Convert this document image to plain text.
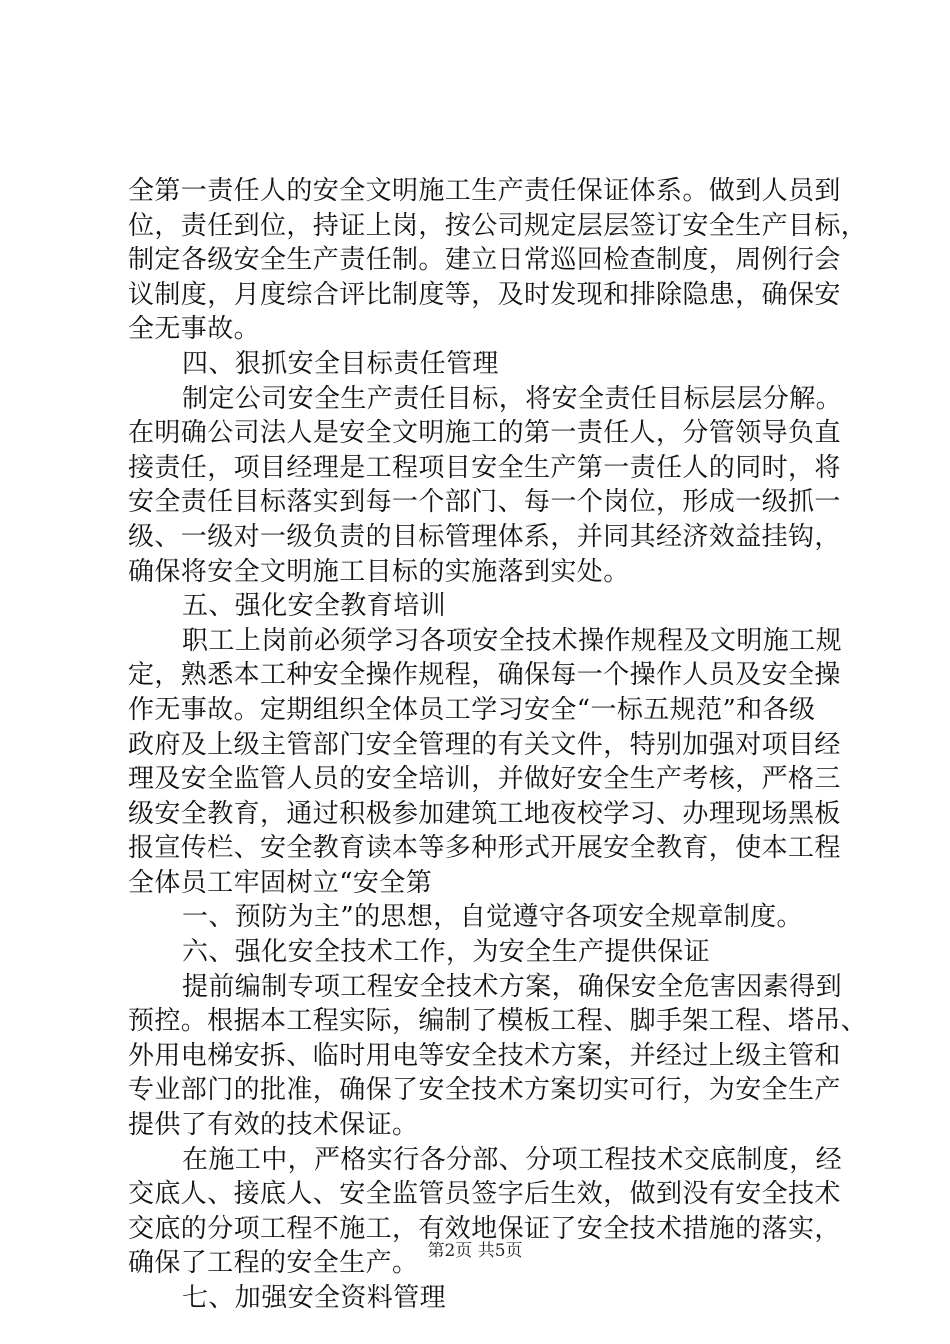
全第一责任人的安全文明施工生产责任保证体系。做到人员到
位，责任到位，持证上岗，按公司规定层层签订安全生产目标，
制定各级安全生产责任制。建立日常巡回检查制度，周例行会
议制度，月度综合评比制度等，及时发现和排除隐患，确保安
全无事故。
四、狠抓安全目标责任管理
制定公司安全生产责任目标，将安全责任目标层层分解。
在明确公司法人是安全文明施工的第一责任人，分管领导负直
接责任，项目经理是工程项目安全生产第一责任人的同时，将
安全责任目标落实到每一个部门、每一个岗位，形成一级抓一
级、一级对一级负责的目标管理体系，并同其经济效益挂钩，
确保将安全文明施工目标的实施落到实处。
五、强化安全教育培训
职工上岗前必须学习各项安全技术操作规程及文明施工规
定，熟悉本工种安全操作规程，确保每一个操作人员及安全操
作无事故。定期组织全体员工学习安全“一标五规范”和各级
政府及上级主管部门安全管理的有关文件，特别加强对项目经
理及安全监管人员的安全培训，并做好安全生产考核，严格三
级安全教育，通过积极参加建筑工地夜校学习、办理现场黑板
报宣传栏、安全教育读本等多种形式开展安全教育，使本工程
全体员工牢固树立“安全第
一、预防为主”的思想，自觉遵守各项安全规章制度。
六、强化安全技术工作，为安全生产提供保证
提前编制专项工程安全技术方案，确保安全危害因素得到
预控。根据本工程实际，编制了模板工程、脚手架工程、塔吊、
外用电梯安拆、临时用电等安全技术方案，并经过上级主管和
专业部门的批准，确保了安全技术方案切实可行，为安全生产
提供了有效的技术保证。
在施工中，严格实行各分部、分项工程技术交底制度，经
交底人、接底人、安全监管员签字后生效，做到没有安全技术
交底的分项工程不施工，有效地保证了安全技术措施的落实，
确保了工程的安全生产。
七、加强安全资料管理
第2页 共5页
